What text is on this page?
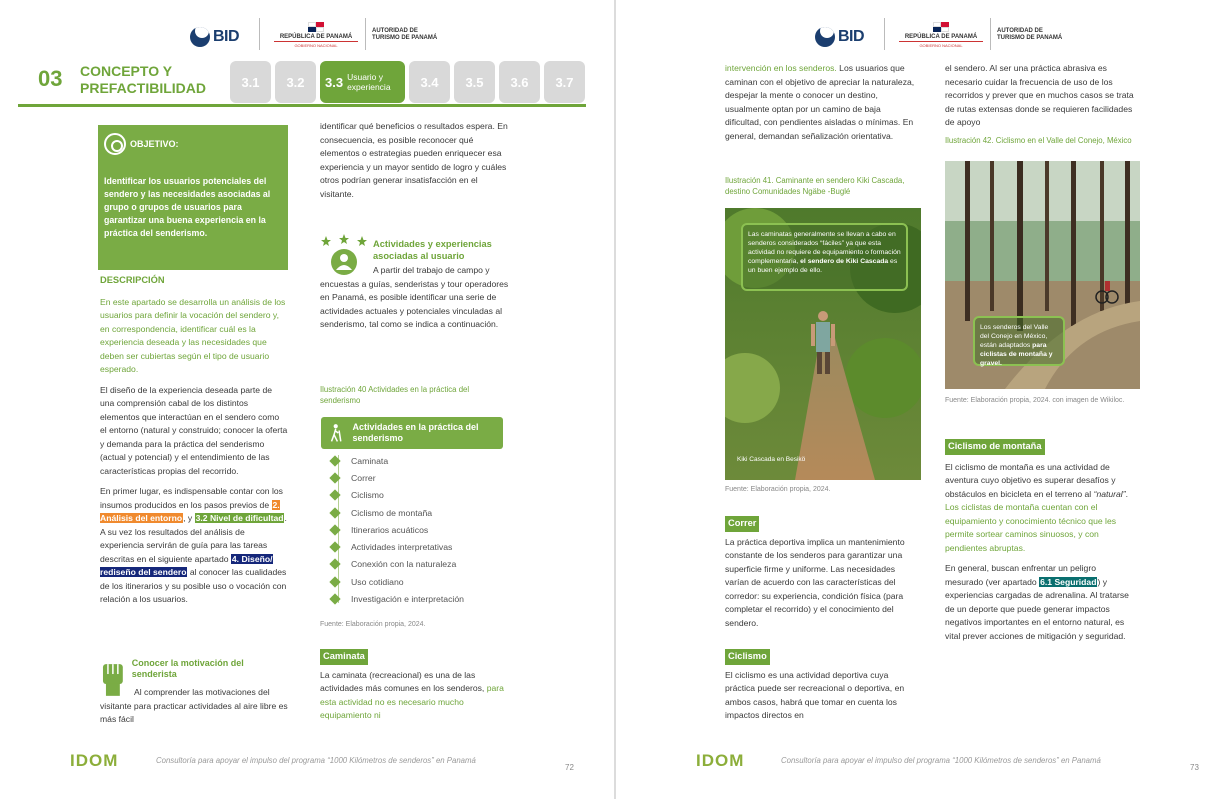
BID	REPÚBLICA DE PANAMÁ
GOBIERNO NACIONAL
AUTORIDAD DE TURISMO DE PANAMÁ
03 CONCEPTO Y PREFACTIBILIDAD	3.1 3.2 3.3 Usuario y experiencia	3.4 3.5 3.6 3.7
OBJETIVO:
Identificar los usuarios potenciales del sendero y las necesidades asociadas al grupo o grupos de usuarios para garantizar una buena experiencia en la práctica del senderismo.
DESCRIPCIÓN

En este apartado se desarrolla un análisis de los usuarios para definir la vocación del sendero y, en correspondencia, identificar cuál es la experiencia deseada y las necesidades que deben ser cubiertas según el tipo de usuario esperado.

El diseño de la experiencia deseada parte de una comprensión cabal de los distintos elementos que interactúan en el sendero como el entorno (natural y construido; conocer la oferta y demanda para la práctica del senderismo (actual y potencial) y el entendimiento de las características propias del recorrido.

En primer lugar, es indispensable contar con los insumos producidos en los pasos previos de 2. Análisis del entorno, y 3.2 Nivel de dificultad. A su vez los resultados del análisis de experiencia servirán de guía para las tareas descritas en el siguiente apartado 4. Diseño/ rediseño del sendero al conocer las cualidades de los itinerarios y su posible uso o vocación con relación a los usuarios.

Conocer la motivación del senderista

Al comprender las motivaciones del visitante para practicar actividades al aire libre es más fácil

identificar qué beneficios o resultados espera. En consecuencia, es posible reconocer qué elementos o estrategias pueden enriquecer esa experiencia y un mayor sentido de logro y cuáles otros podrían generar insatisfacción en el visitante.

Actividades y experiencias asociadas al usuario

A partir del trabajo de campo y encuestas a guías, senderistas y tour operadores en Panamá, es posible identificar una serie de actividades actuales y potenciales vinculadas al senderismo, tal como se indica a continuación.

Ilustración 40 Actividades en la práctica del senderismo
Actividades en la práctica del senderismo
Caminata
Correr
Ciclismo
Ciclismo de montaña
Itinerarios acuáticos
Actividades interpretativas
Conexión con la naturaleza
Uso cotidiano
Investigación e interpretación
Fuente: Elaboración propia, 2024.
Caminata

La caminata (recreacional) es una de las actividades más comunes en los senderos, para esta actividad no es necesario mucho equipamiento ni

IDOM	Consultoría para apoyar el impulso del programa “1000 Kilómetros de senderos” en Panamá
72
BID	REPÚBLICA DE PANAMÁ
GOBIERNO NACIONAL
AUTORIDAD DE TURISMO DE PANAMÁ

intervención en los senderos. Los usuarios que caminan con el objetivo de apreciar la naturaleza, despejar la mente o conocer un destino, usualmente optan por un camino de baja dificultad, con pendientes aisladas o mínimas. En general, demandan señalización orientativa.

Ilustración 41. Caminante en sendero Kiki Cascada, destino Comunidades Ngäbe -Buglé
Las caminatas generalmente se llevan a cabo en senderos considerados “fáciles” ya que esta actividad no requiere de equipamiento o formación complementaria, el sendero de Kiki Cascada es un buen ejemplo de ello.
Kiki Cascada en Besikö
Fuente: Elaboración propia, 2024.
Correr

La práctica deportiva implica un mantenimiento constante de los senderos para garantizar una superficie firme y uniforme. Las necesidades varían de acuerdo con las características del corredor: su experiencia, condición física (para completar el recorrido) y el conocimiento del sendero.

Ciclismo

El ciclismo es una actividad deportiva cuya práctica puede ser recreacional o deportiva, en ambos casos, habrá que tomar en cuenta los impactos directos en

el sendero. Al ser una práctica abrasiva es necesario cuidar la frecuencia de uso de los recorridos y prever que en muchos casos se trata de rutas extensas donde se requieren facilidades de apoyo

Ilustración 42. Ciclismo en el Valle del Conejo, México
Los senderos del Valle del Conejo en México, están adaptados para ciclistas de montaña y gravel.
Fuente: Elaboración propia, 2024. con imagen de Wikiloc.
Ciclismo de montaña

El ciclismo de montaña es una actividad de aventura cuyo objetivo es superar desafíos y obstáculos en bicicleta en el terreno al “natural”. Los ciclistas de montaña cuentan con el equipamiento y conocimiento técnico que les permite sortear caminos sinuosos, y con pendientes abruptas.

En general, buscan enfrentar un peligro mesurado (ver apartado 6.1 Seguridad) y experiencias cargadas de adrenalina. Al tratarse de un deporte que puede generar impactos negativos importantes en el entorno natural, es vital prever acciones de mitigación y seguridad.

IDOM	Consultoría para apoyar el impulso del programa “1000 Kilómetros de senderos” en Panamá
73
